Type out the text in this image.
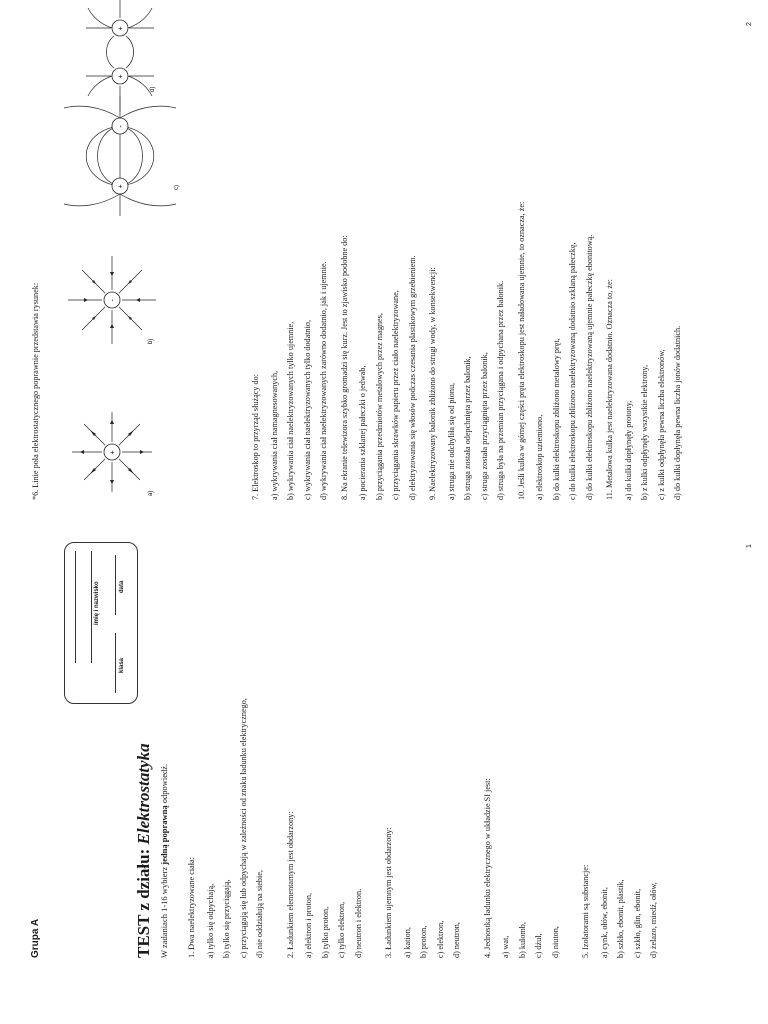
Grupa A
imię i nazwisko
klasa
data
TEST z działu: Elektrostatyka
W zadaniach 1-16 wybierz jedną poprawną odpowiedź.
1. Dwa naelektryzowane ciała:	a) tylko się odpychają, b) tylko się przyciągają, c) przyciągają się lub odpychają w zależności od znaku ładunku elektrycznego, d) nie oddziałują na siebie,	2. Ładunkiem elementarnym jest obdarzony:	a) elektron i proton, b) tylko proton, c) tylko elektron, d) neutron i elektron.	3. Ładunkiem ujemnym jest obdarzony:	a) kation, b) proton, c) elektron, d) neutron,	4. Jednostką ładunku elektrycznego w układzie SI jest:	a) wat, b) kulomb, c) dżul, d) niuton,	5. Izolatorami są substancje:	a) cynk, ołów, ebonit, b) szkło, ebonit, plastik, c) szkło, glin, ebonit, d) żelazo, miedź, ołów,
1
*6. Linie pola elektrostatycznego poprawnie przedstawia rysunek:	a)
+
b)
-
c)
+
-
d)
+
+
7. Elektroskop to przyrząd służący do:	a) wykrywania ciał namagnesowanych, b) wykrywania ciał naelektryzowanych tylko ujemnie, c) wykrywania ciał naelektryzowanych tylko dodatnio, d) wykrywania ciał naelektryzowanych zarówno dodatnio, jak i ujemnie.	8. Na ekranie telewizora szybko gromadzi się kurz. Jest to zjawisko podobne do:	a) pocierania szklanej pałeczki o jedwab, b) przyciągania przedmiotów metalowych przez magnes, c) przyciągania skrawków papieru przez ciało naelektryzowane, d) elektryzowania się włosów podczas czesania plastikowym grzebieniem.	9. Naelektryzowany balonik zbliżono do strugi wody, w konsekwencji:	a) struga nie odchyliła się od pionu, b) struga została odepchnięta przez balonik, c) struga została przyciągnięta przez balonik, d) struga była na przemian przyciągana i odpychana przez balonik.	10. Jeśli kulka w górnej części pręta elektroskopu jest naładowana ujemnie, to oznacza, że:	a) elektroskop uziemiono, b) do kulki elektroskopu zbliżono metalowy pręt, c) do kulki elektroskopu zbliżono naelektryzowaną dodatnio szklaną pałeczkę, d) do kulki elektroskopu zbliżono naelektryzowaną ujemnie pałeczkę ebonitową.	11. Metalowa kulka jest naelektryzowana dodatnio. Oznacza to, że:	a) do kulki dopłynęły protony, b) z kulki odpłynęły wszystkie elektrony, c) z kulki odpłynęła pewna liczba elektronów, d) do kulki dopłynęła pewna liczba jonów dodatnich.
2
